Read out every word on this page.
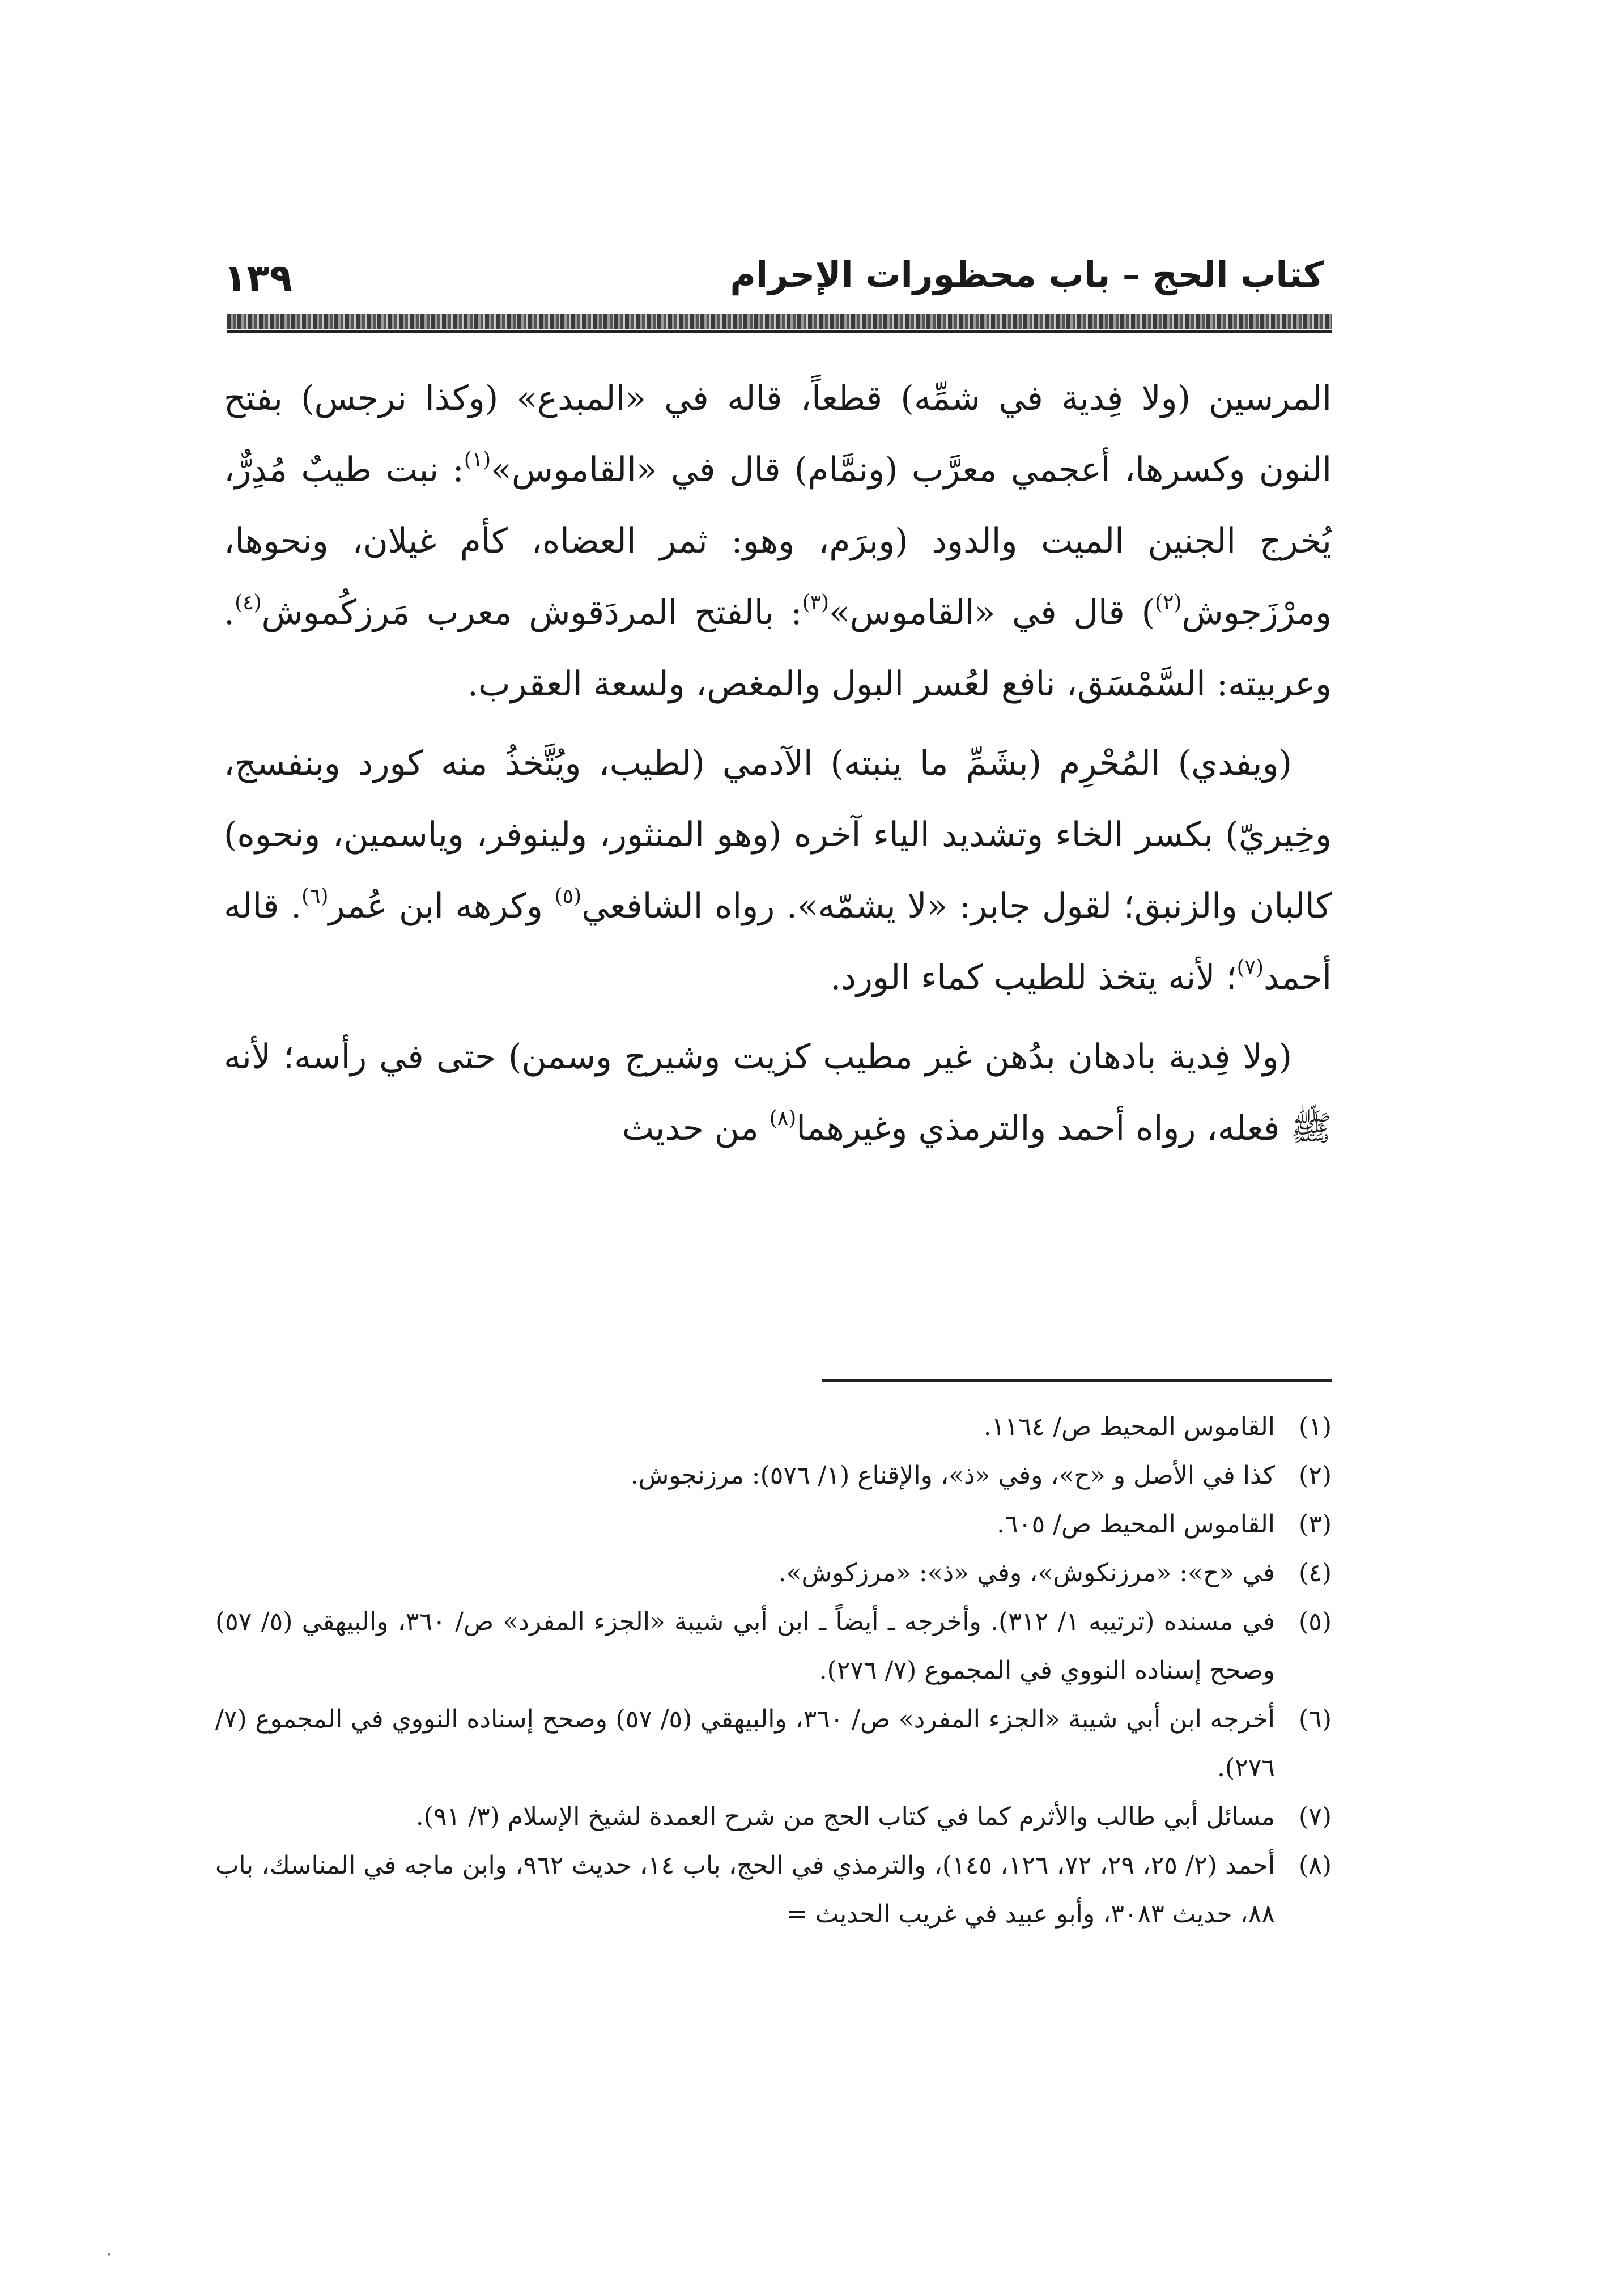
كتاب الحج – باب محظورات الإحرام
١٣٩

المرسين (ولا فِدية في شمِّه) قطعاً، قاله في «المبدع» (وكذا نرجس) بفتح النون وكسرها، أعجمي معرَّب (ونمَّام) قال في «القاموس»$^{(١)}$: نبت طيبٌ مُدِرٌّ، يُخرج الجنين الميت والدود (وبرَم، وهو: ثمر العضاه، كأم غيلان، ونحوها، ومرْزَجوش$^{(٢)}$) قال في «القاموس»$^{(٣)}$: بالفتح المردَقوش معرب مَرزكُموش$^{(٤)}$. وعربيته: السَّمْسَق، نافع لعُسر البول والمغص، ولسعة العقرب.

(ويفدي) المُحْرِم (بشَمِّ ما ينبته) الآدمي (لطيب، ويُتَّخذُ منه كورد وبنفسج، وخِيريّ) بكسر الخاء وتشديد الياء آخره (وهو المنثور، ولينوفر، وياسمين، ونحوه) كالبان والزنبق؛ لقول جابر: «لا يشمّه». رواه الشافعي$^{(٥)}$ وكرهه ابن عُمر$^{(٦)}$. قاله أحمد$^{(٧)}$؛ لأنه يتخذ للطيب كماء الورد.

(ولا فِدية بادهان بدُهن غير مطيب كزيت وشيرج وسمن) حتى في رأسه؛ لأنه ﷺ فعله، رواه أحمد والترمذي وغيرهما$^{(٨)}$ من حديث

(١)
القاموس المحيط ص/ ١١٦٤.
(٢)
كذا في الأصل و «ح»، وفي «ذ»، والإقناع (١/ ٥٧٦): مرزنجوش.
(٣)
القاموس المحيط ص/ ٦٠٥.
(٤)
في «ح»: «مرزنكوش»، وفي «ذ»: «مرزكوش».
(٥)
في مسنده (ترتيبه ١/ ٣١٢). وأخرجه ـ أيضاً ـ ابن أبي شيبة «الجزء المفرد» ص/ ٣٦٠، والبيهقي (٥/ ٥٧) وصحح إسناده النووي في المجموع (٧/ ٢٧٦).
(٦)
أخرجه ابن أبي شيبة «الجزء المفرد» ص/ ٣٦٠، والبيهقي (٥/ ٥٧) وصحح إسناده النووي في المجموع (٧/ ٢٧٦).
(٧)
مسائل أبي طالب والأثرم كما في كتاب الحج من شرح العمدة لشيخ الإسلام (٣/ ٩١).
(٨)
أحمد (٢/ ٢٥، ٢٩، ٧٢، ١٢٦، ١٤٥)، والترمذي في الحج، باب ١٤، حديث ٩٦٢، وابن ماجه في المناسك، باب ٨٨، حديث ٣٠٨٣، وأبو عبيد في غريب الحديث =
